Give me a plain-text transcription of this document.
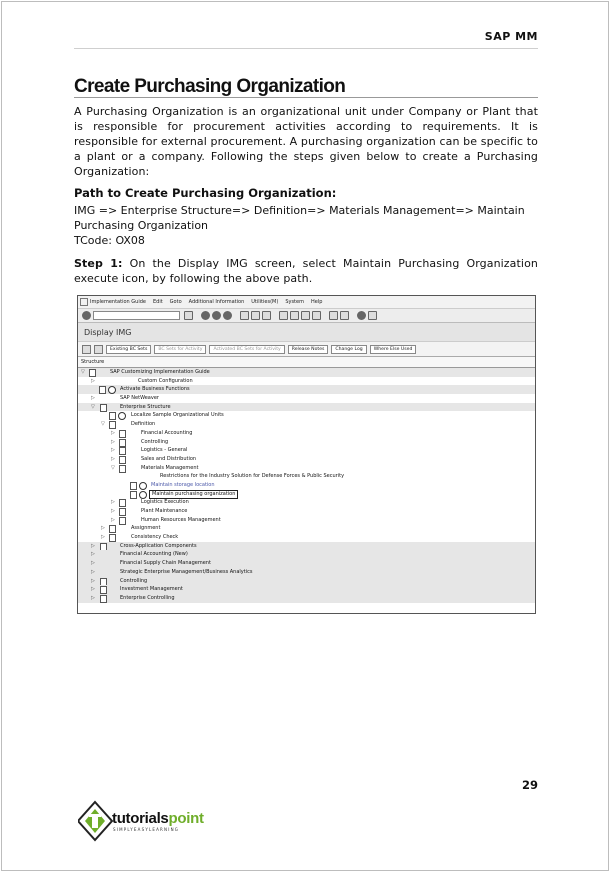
SAP MM
Create Purchasing Organization
A Purchasing Organization is an organizational unit under Company or Plant that is responsible for procurement activities according to requirements. It is responsible for external procurement. A purchasing organization can be specific to a plant or a company. Following the steps given below to create a Purchasing Organization:
Path to Create Purchasing Organization:
IMG => Enterprise Structure=> Definition=> Materials Management=> Maintain Purchasing Organization
TCode: OX08
Step 1: On the Display IMG screen, select Maintain Purchasing Organization execute icon, by following the above path.
Implementation Guide Edit Goto Additional Information Utilities(M) System Help
Display IMG
Existing BC Sets	BC Sets for Activity	Activated BC Sets for Activity	Release Notes	Change Log	Where Else Used
Structure
▽	SAP Customizing Implementation Guide
▷	Custom Configuration
Activate Business Functions
▷	SAP NetWeaver
▽	Enterprise Structure
Localize Sample Organizational Units
▽	Definition
▷	Financial Accounting
▷	Controlling
▷	Logistics - General
▷	Sales and Distribution
▽	Materials Management
Restrictions for the Industry Solution for Defense Forces & Public Security
Maintain storage location
Maintain purchasing organization
▷	Logistics Execution
▷	Plant Maintenance
▷	Human Resources Management
▷	Assignment
▷	Consistency Check
▷	Cross-Application Components
▷	Financial Accounting (New)
▷	Financial Supply Chain Management
▷	Strategic Enterprise Management/Business Analytics
▷	Controlling
▷	Investment Management
▷	Enterprise Controlling
29
tutorialspoint
SIMPLYEASYLEARNING
